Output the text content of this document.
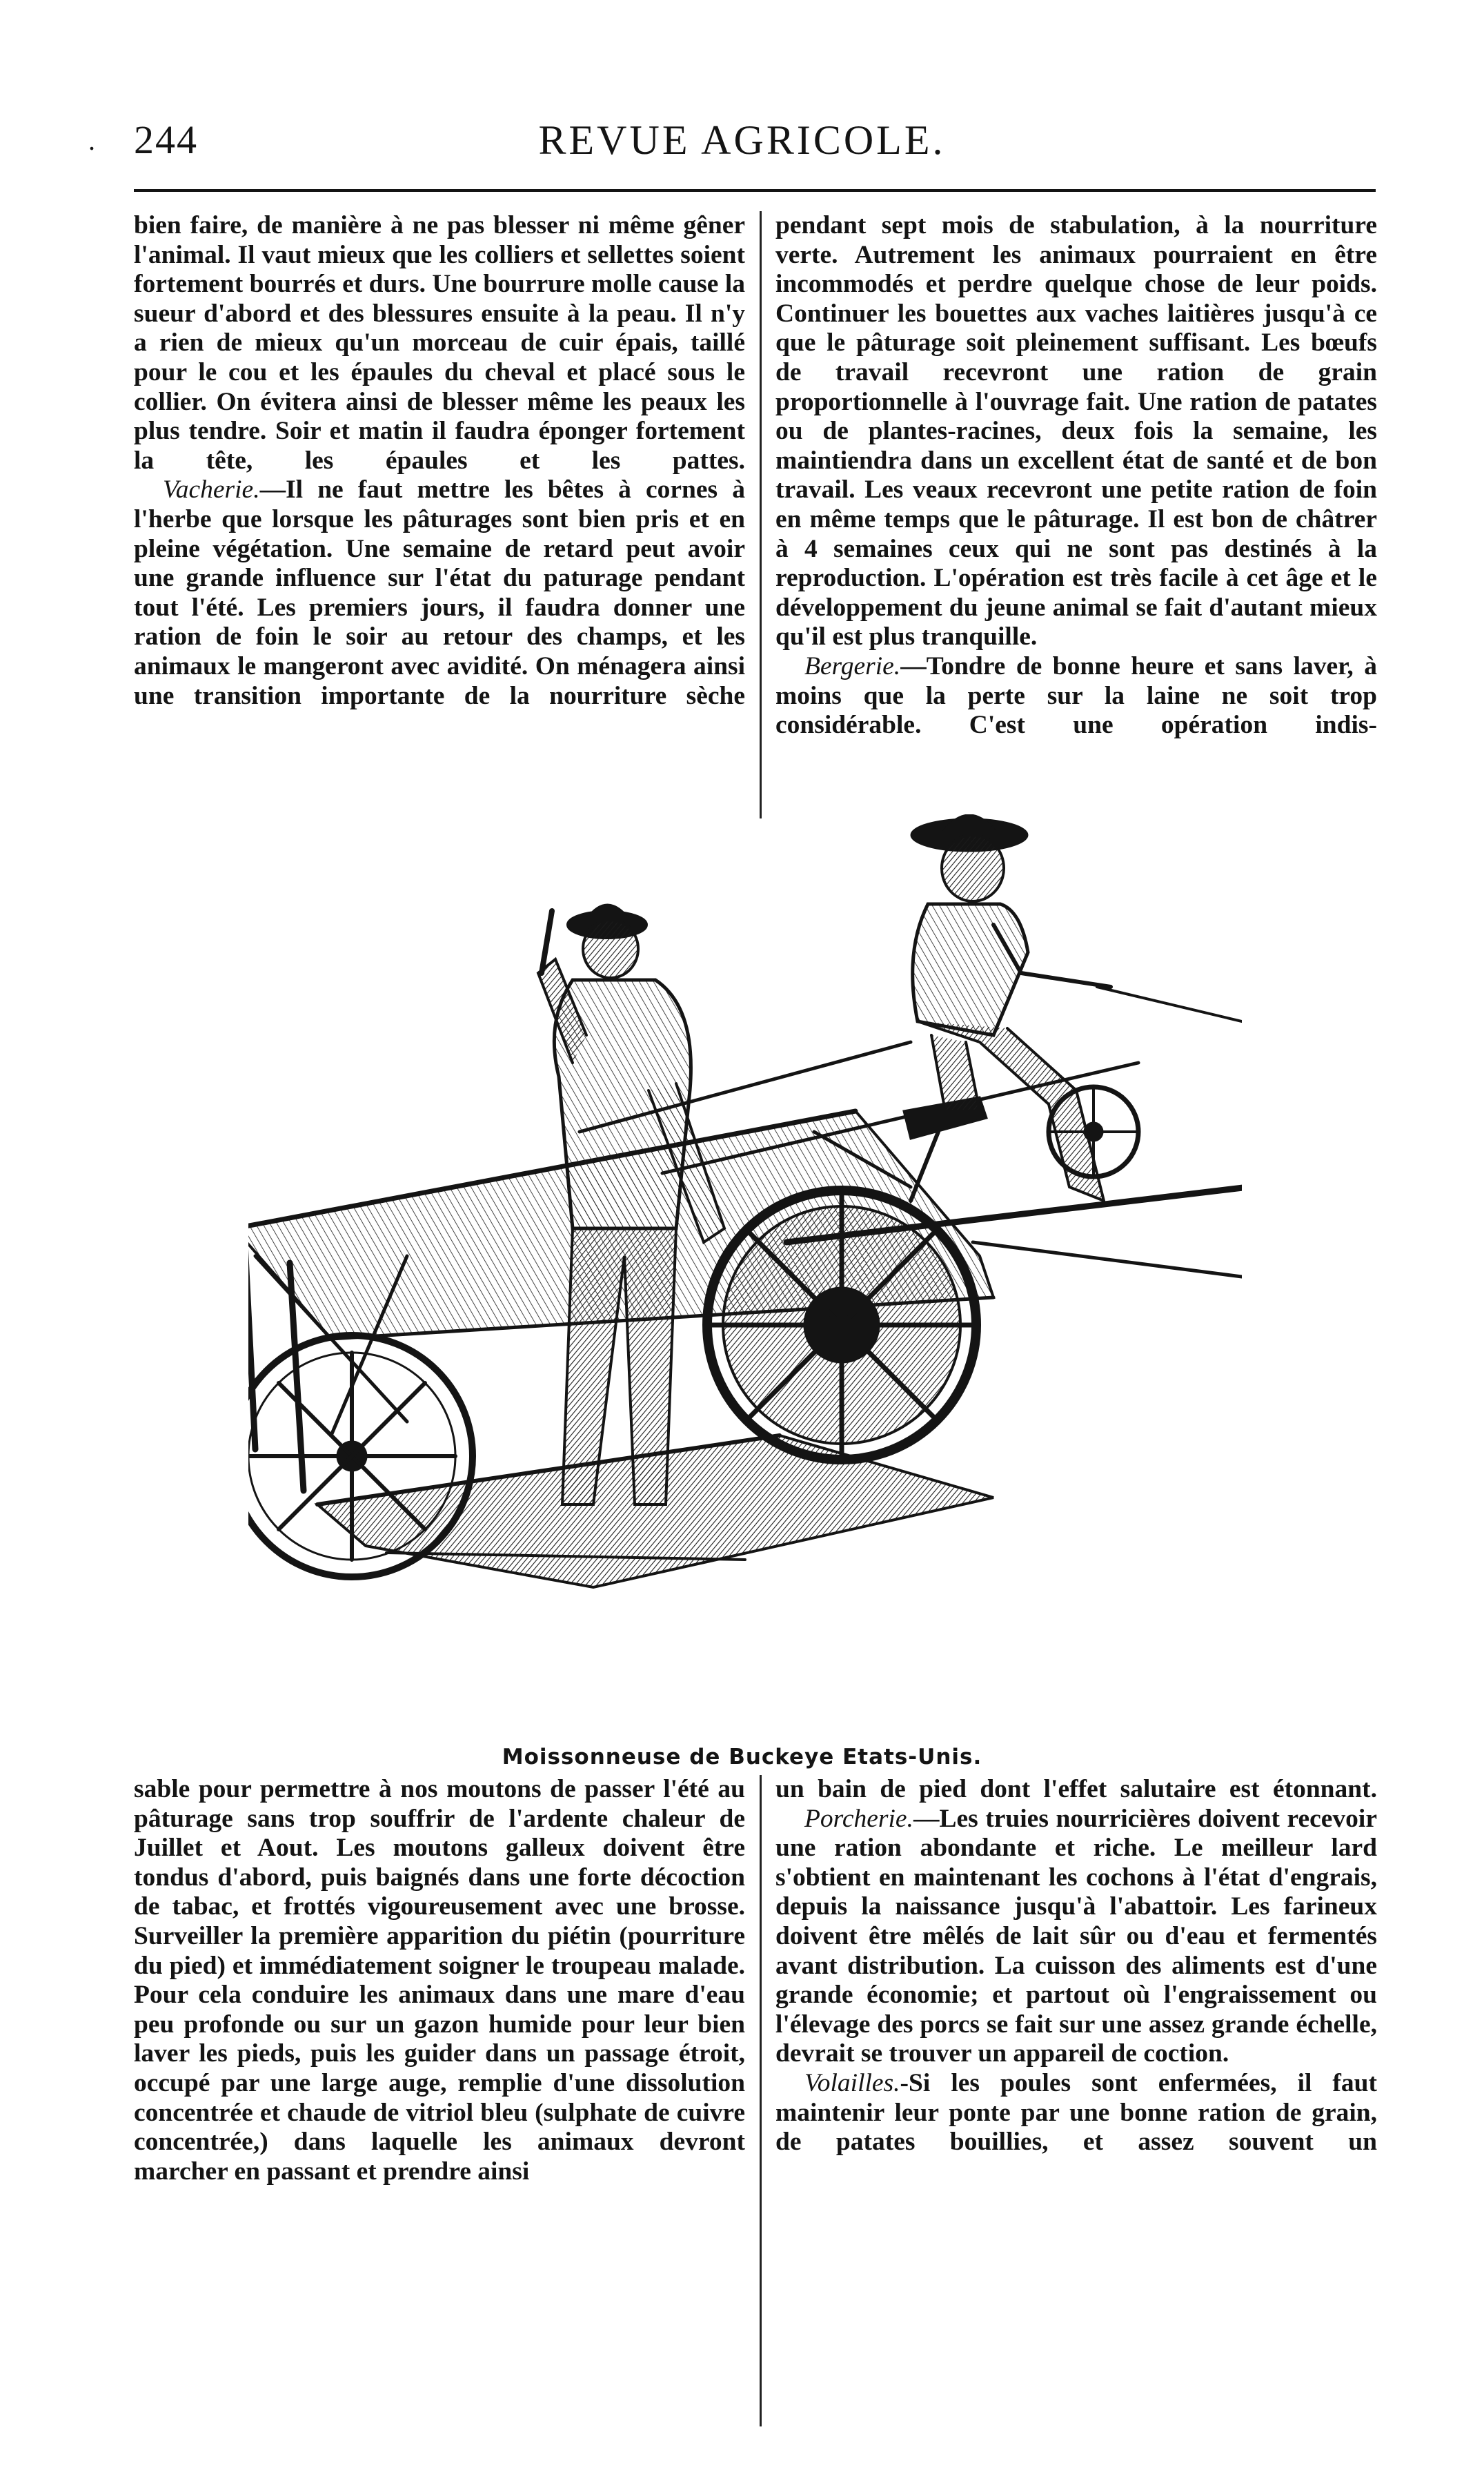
. 244	REVUE AGRICOLE.

bien faire, de manière à ne pas blesser ni même gêner l'animal. Il vaut mieux que les colliers et sellettes soient fortement bourrés et durs. Une bourrure molle cause la sueur d'abord et des blessures ensuite à la peau. Il n'y a rien de mieux qu'un morceau de cuir épais, taillé pour le cou et les épaules du cheval et placé sous le collier. On évitera ainsi de blesser même les peaux les plus tendre. Soir et matin il faudra éponger fortement la tête, les épaules et les pattes.

Vacherie.—Il ne faut mettre les bêtes à cornes à l'herbe que lorsque les pâturages sont bien pris et en pleine végétation. Une semaine de retard peut avoir une grande influence sur l'état du paturage pendant tout l'été. Les premiers jours, il faudra donner une ration de foin le soir au retour des champs, et les animaux le mangeront avec avidité. On ménagera ainsi une transition importante de la nourriture sèche

pendant sept mois de stabulation, à la nourriture verte. Autrement les animaux pourraient en être incommodés et perdre quelque chose de leur poids. Continuer les bouettes aux vaches laitières jusqu'à ce que le pâturage soit pleinement suffisant. Les bœufs de travail recevront une ration de grain proportionnelle à l'ouvrage fait. Une ration de patates ou de plantes-racines, deux fois la semaine, les maintiendra dans un excellent état de santé et de bon travail. Les veaux recevront une petite ration de foin en même temps que le pâturage. Il est bon de châtrer à 4 semaines ceux qui ne sont pas destinés à la reproduction. L'opération est très facile à cet âge et le développement du jeune animal se fait d'autant mieux qu'il est plus tranquille.

Bergerie.—Tondre de bonne heure et sans laver, à moins que la perte sur la laine ne soit trop considérable. C'est une opération indis-

Moissonneuse de Buckeye Etats-Unis.

sable pour permettre à nos moutons de passer l'été au pâturage sans trop souffrir de l'ardente chaleur de Juillet et Aout. Les moutons galleux doivent être tondus d'abord, puis baignés dans une forte décoction de tabac, et frottés vigoureusement avec une brosse. Surveiller la première apparition du piétin (pourriture du pied) et immédiatement soigner le troupeau malade. Pour cela conduire les animaux dans une mare d'eau peu profonde ou sur un gazon humide pour leur bien laver les pieds, puis les guider dans un passage étroit, occupé par une large auge, remplie d'une dissolution concentrée et chaude de vitriol bleu (sulphate de cuivre concentrée,) dans laquelle les animaux devront marcher en passant et prendre ainsi

un bain de pied dont l'effet salutaire est étonnant.

Porcherie.—Les truies nourricières doivent recevoir une ration abondante et riche. Le meilleur lard s'obtient en maintenant les cochons à l'état d'engrais, depuis la naissance jusqu'à l'abattoir. Les farineux doivent être mêlés de lait sûr ou d'eau et fermentés avant distribution. La cuisson des aliments est d'une grande économie; et partout où l'engraissement ou l'élevage des porcs se fait sur une assez grande échelle, devrait se trouver un appareil de coction.

Volailles.-Si les poules sont enfermées, il faut maintenir leur ponte par une bonne ration de grain, de patates bouillies, et assez souvent un
